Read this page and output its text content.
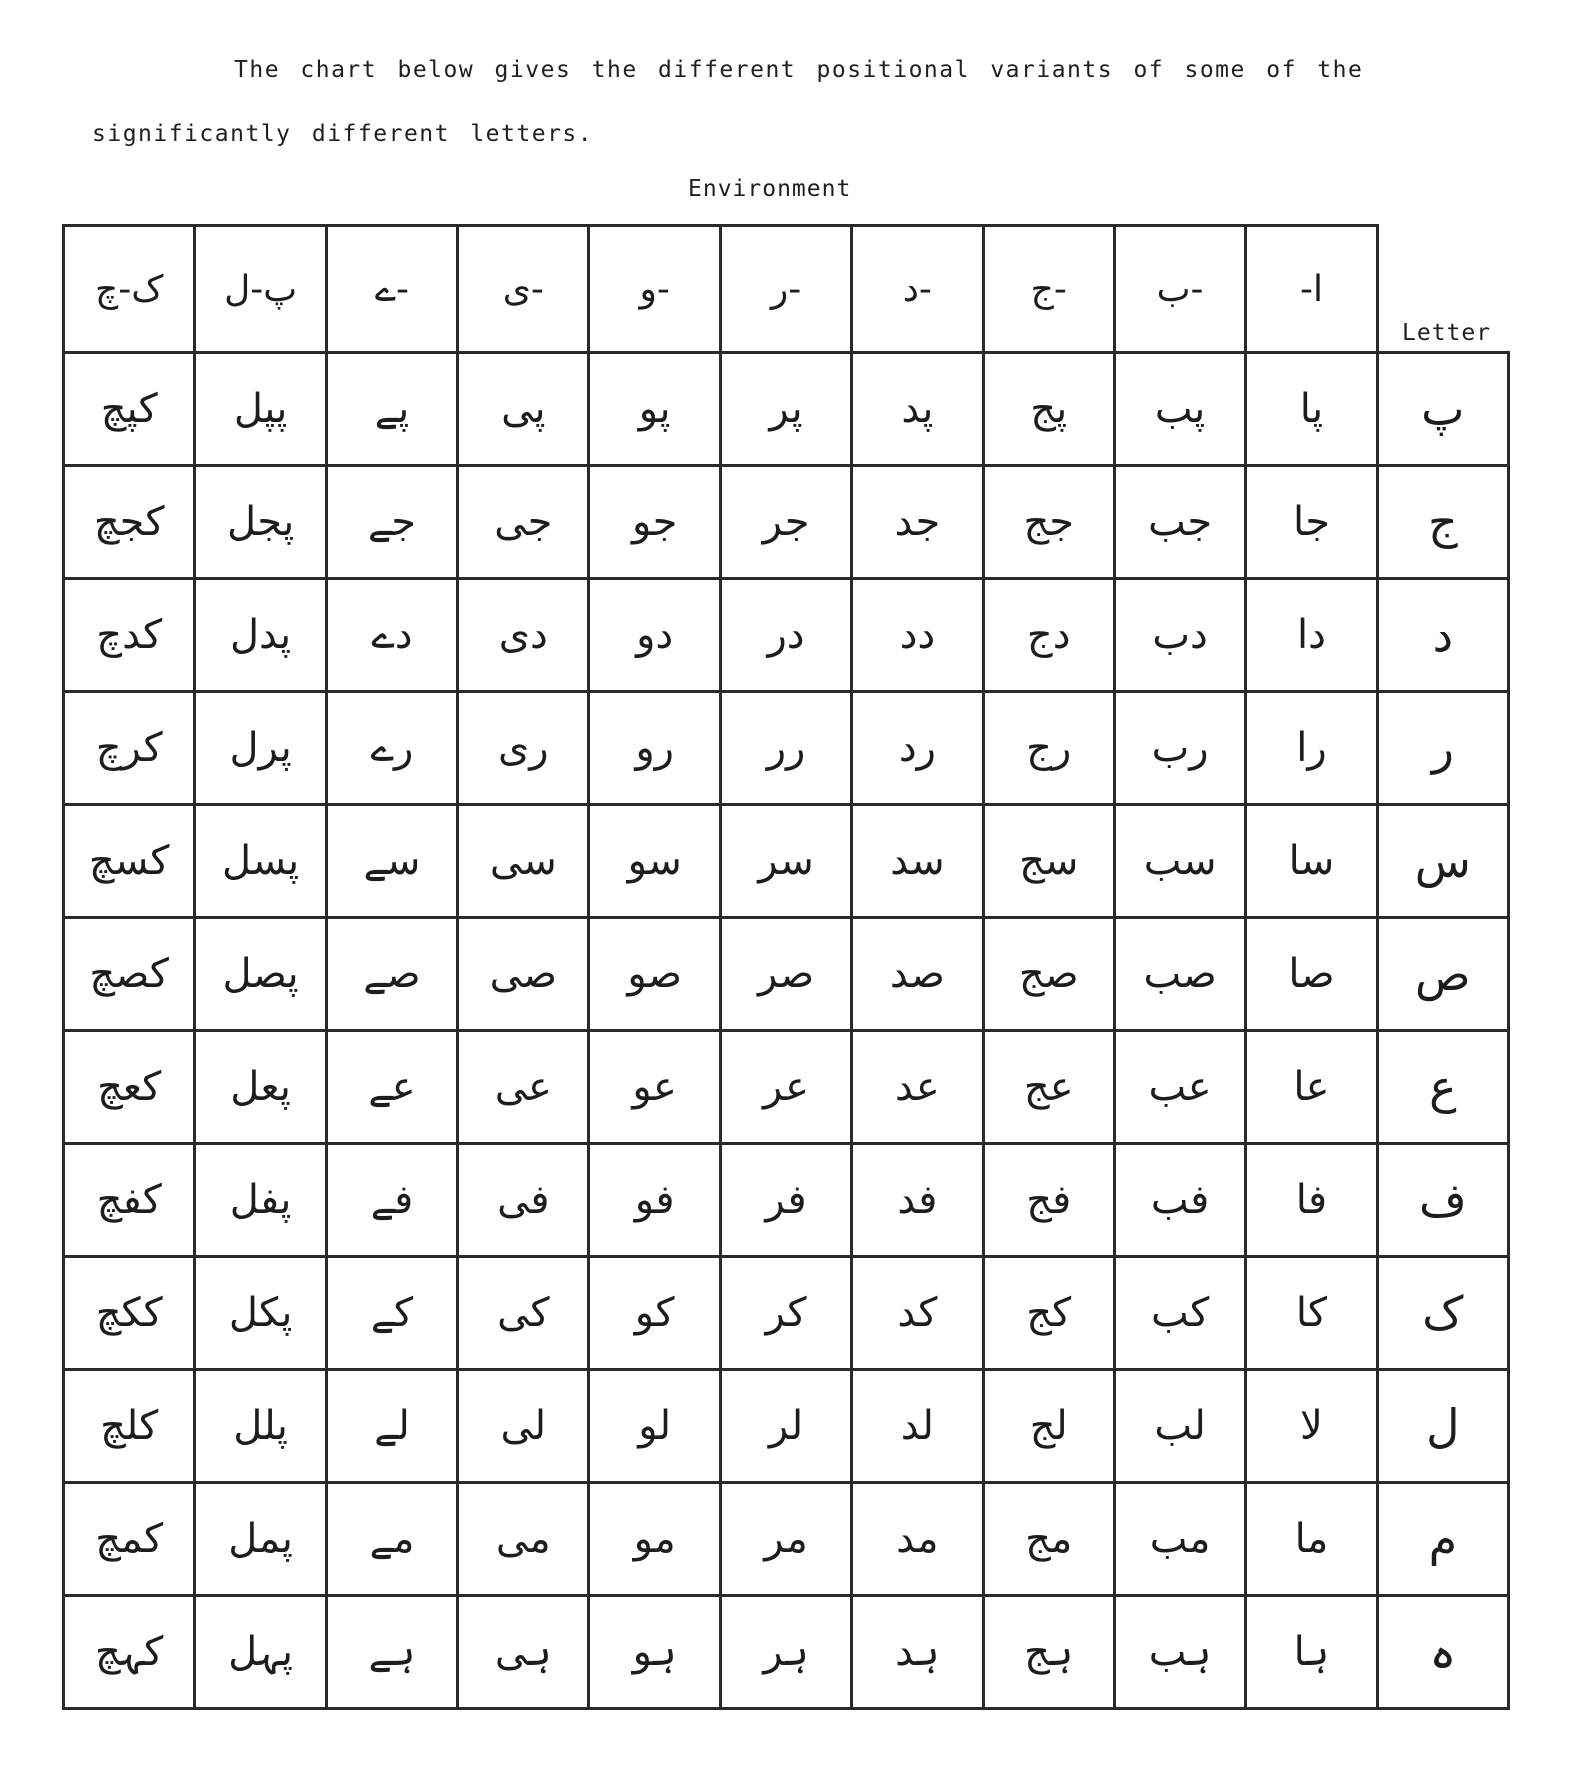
The chart below gives the different positional variants of some of the significantly different letters.

Environment
Letter
	ا-	-ب	-ج	-د	-ر	-و	-ی	-ے	پ-ل	ک-چ
پ	پا	پب	پج	پد	پر	پو	پی	پے	پپل	کپچ
ج	جا	جب	جج	جد	جر	جو	جی	جے	پجل	کجچ
د	دا	دب	دج	دد	در	دو	دی	دے	پدل	کدچ
ر	را	رب	رج	رد	رر	رو	ری	رے	پرل	کرچ
س	سا	سب	سج	سد	سر	سو	سی	سے	پسل	کسچ
ص	صا	صب	صج	صد	صر	صو	صی	صے	پصل	کصچ
ع	عا	عب	عج	عد	عر	عو	عی	عے	پعل	کعچ
ف	فا	فب	فج	فد	فر	فو	فی	فے	پفل	کفچ
ک	کا	کب	کج	کد	کر	کو	کی	کے	پکل	ککچ
ل	لا	لب	لج	لد	لر	لو	لی	لے	پلل	کلچ
م	ما	مب	مج	مد	مر	مو	می	مے	پمل	کمچ
ہ	ہا	ہب	ہج	ہد	ہر	ہو	ہی	ہے	پہل	کہچ
